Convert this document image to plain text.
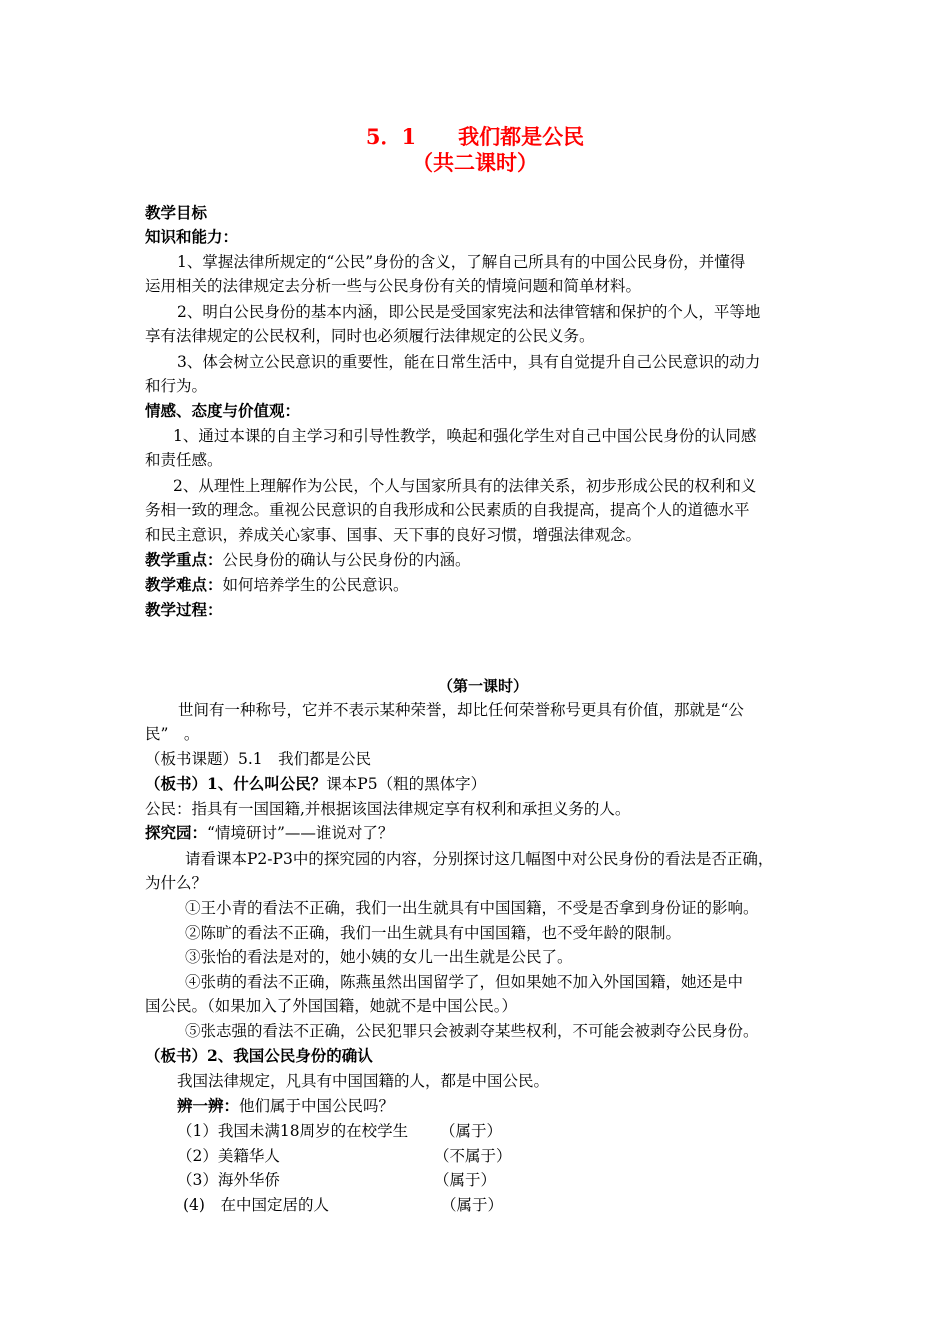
5．1　　我们都是公民
（共二课时）
教学目标
知识和能力：
1、掌握法律所规定的“公民”身份的含义，了解自己所具有的中国公民身份，并懂得
运用相关的法律规定去分析一些与公民身份有关的情境问题和简单材料。
2、明白公民身份的基本内涵，即公民是受国家宪法和法律管辖和保护的个人，平等地
享有法律规定的公民权利，同时也必须履行法律规定的公民义务。
3、体会树立公民意识的重要性，能在日常生活中，具有自觉提升自己公民意识的动力
和行为。
情感、态度与价值观：
1、通过本课的自主学习和引导性教学，唤起和强化学生对自己中国公民身份的认同感
和责任感。
2、从理性上理解作为公民，个人与国家所具有的法律关系，初步形成公民的权利和义
务相一致的理念。重视公民意识的自我形成和公民素质的自我提高，提高个人的道德水平
和民主意识，养成关心家事、国事、天下事的良好习惯，增强法律观念。
教学重点：公民身份的确认与公民身份的内涵。
教学难点：如何培养学生的公民意识。
教学过程：
（第一课时）
世间有一种称号，它并不表示某种荣誉，却比任何荣誉称号更具有价值，那就是“公
民”　。
（板书课题）5.1　我们都是公民
（板书）1、什么叫公民？课本P5（粗的黑体字）
公民：指具有一国国籍,并根据该国法律规定享有权利和承担义务的人。
探究园：“情境研讨”——谁说对了？
请看课本P2-P3中的探究园的内容，分别探讨这几幅图中对公民身份的看法是否正确，
为什么？
①王小青的看法不正确，我们一出生就具有中国国籍，不受是否拿到身份证的影响。
②陈旷的看法不正确，我们一出生就具有中国国籍，也不受年龄的限制。
③张怡的看法是对的，她小姨的女儿一出生就是公民了。
④张萌的看法不正确，陈燕虽然出国留学了，但如果她不加入外国国籍，她还是中
国公民。（如果加入了外国国籍，她就不是中国公民。）
⑤张志强的看法不正确，公民犯罪只会被剥夺某些权利，不可能会被剥夺公民身份。
（板书）2、我国公民身份的确认
我国法律规定，凡具有中国国籍的人，都是中国公民。
辨一辨：他们属于中国公民吗？
（1）我国未满18周岁的在校学生 （属于）
（2）美籍华人	（不属于）
（3）海外华侨	（属于）
(4)　在中国定居的人	（属于）
